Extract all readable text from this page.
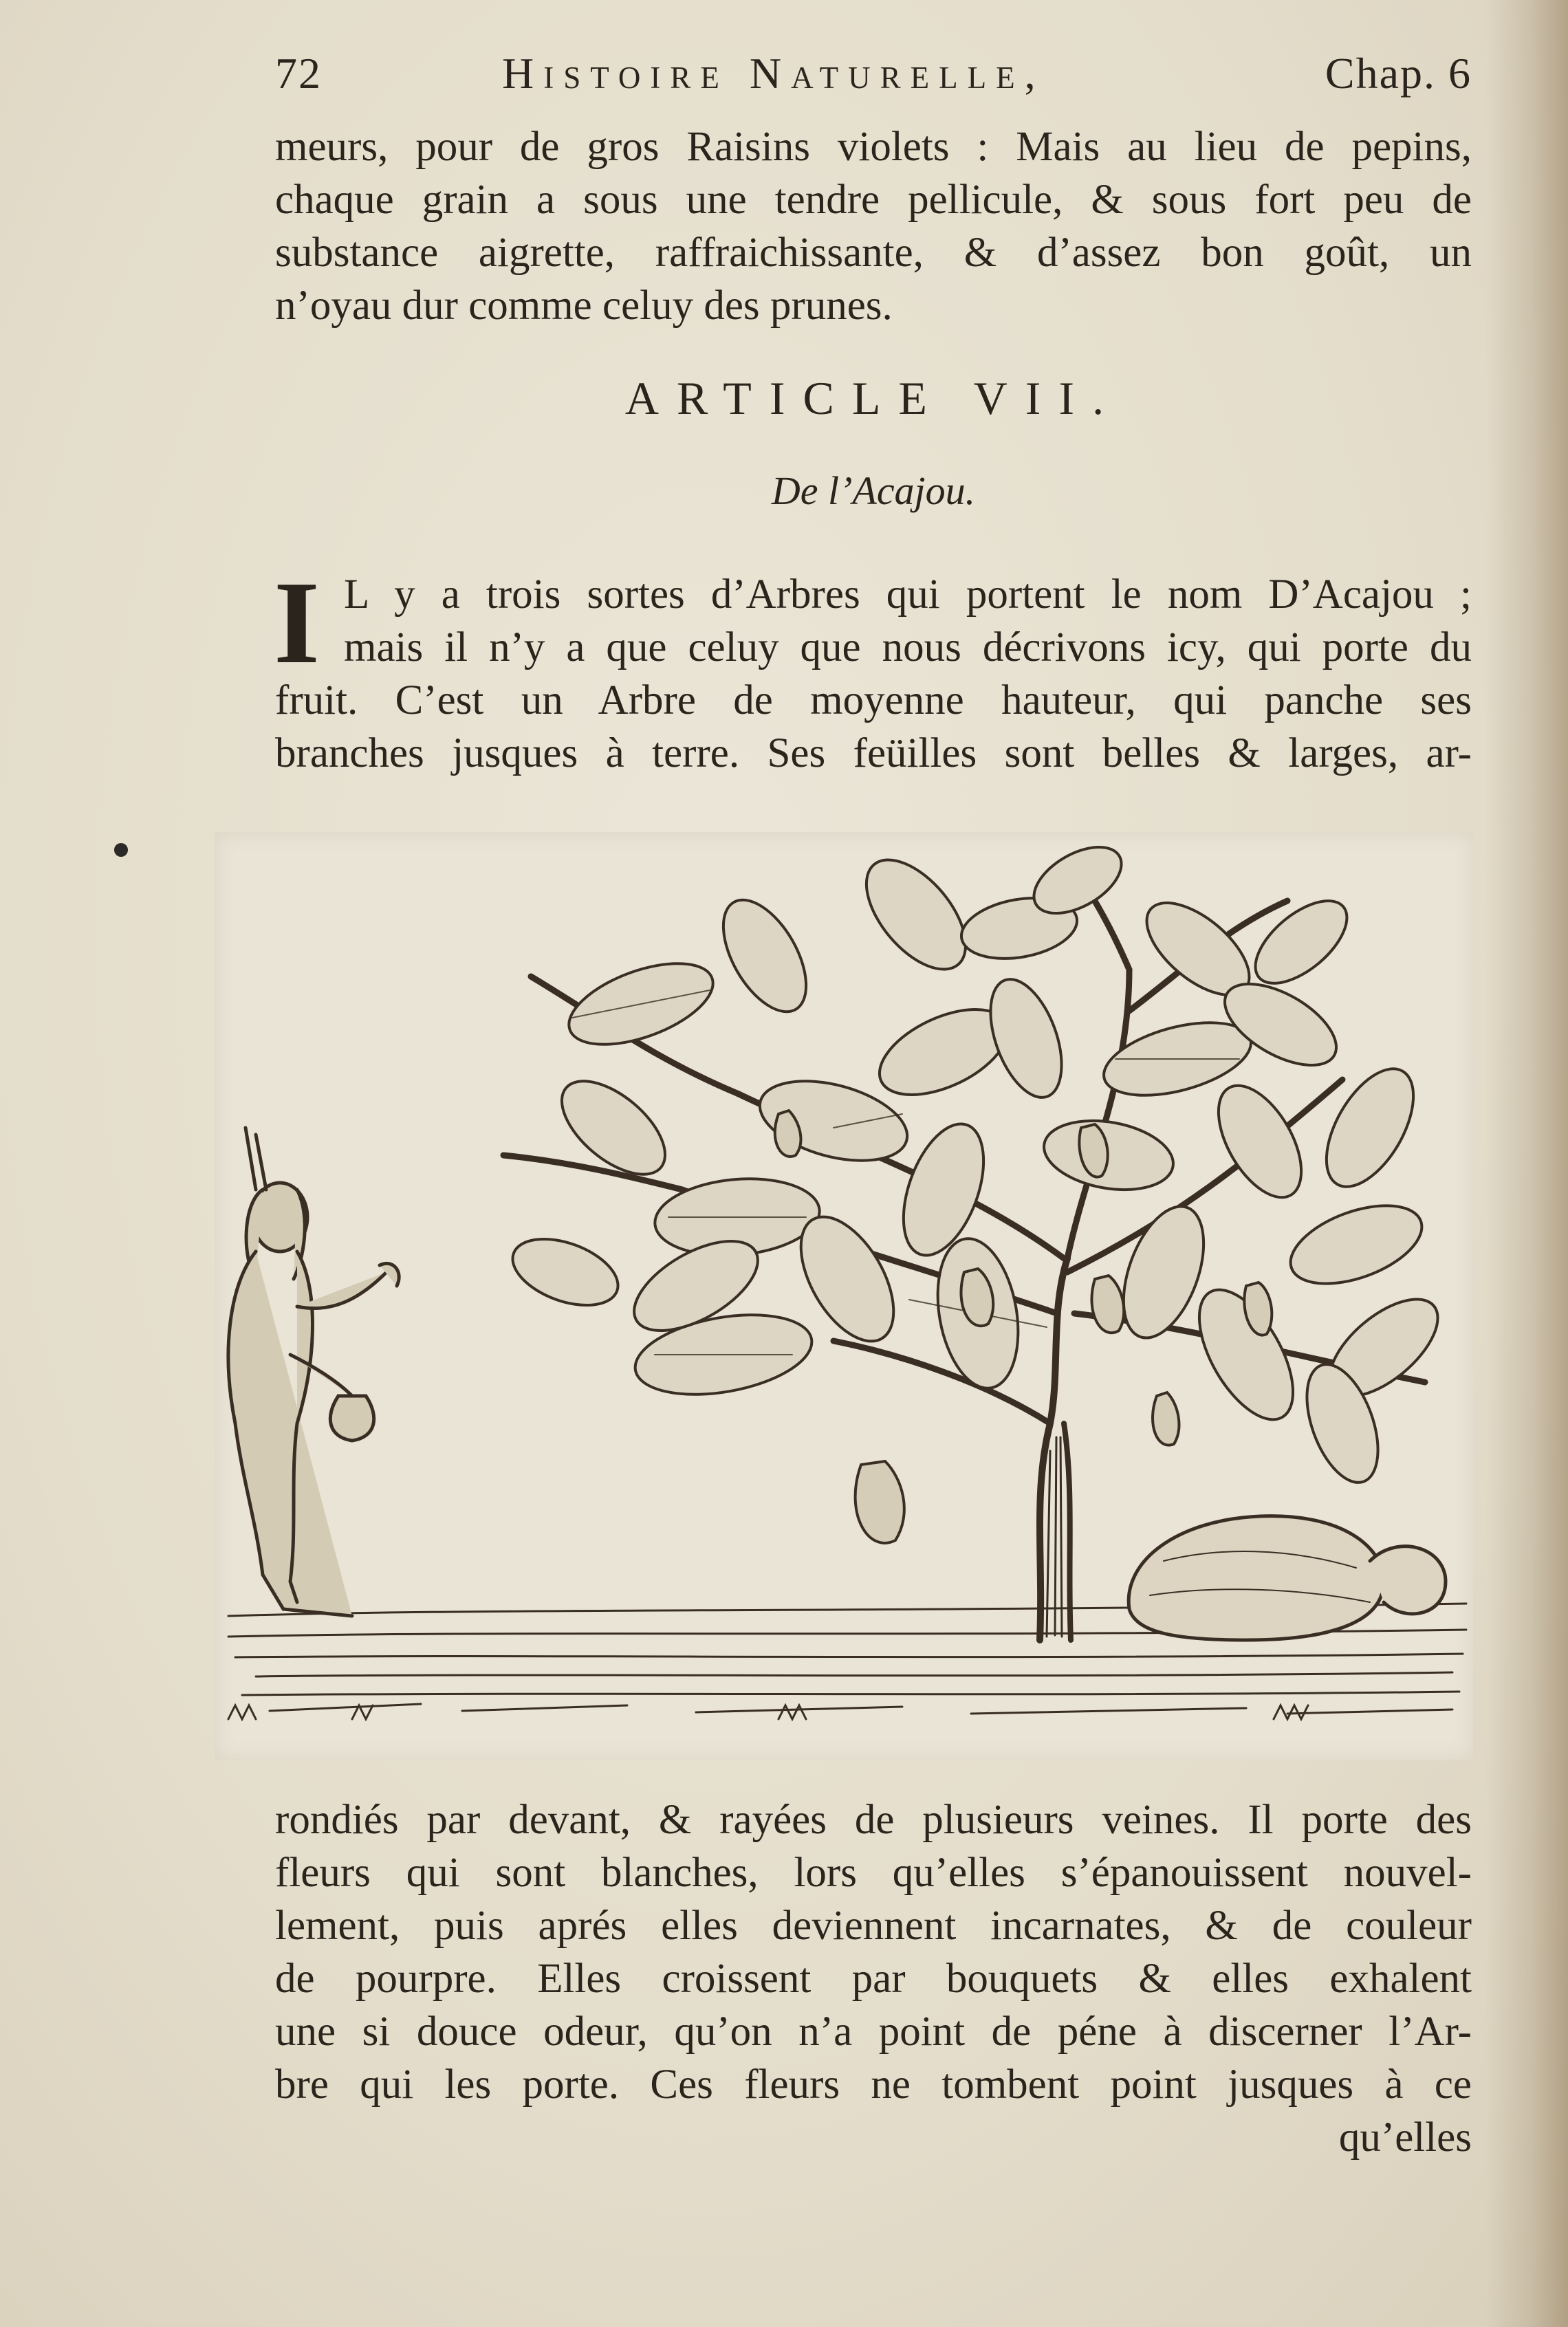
72	Histoire Naturelle,	Chap. 6
meurs, pour de gros Raisins violets : Mais au lieu de pepins,
chaque grain a sous une tendre pellicule, & sous fort peu de
substance aigrette, raffraichissante, & d’assez bon goût, un
n’oyau dur comme celuy des prunes.
ARTICLE VII.
De l’Acajou.
I L y a trois sortes d’Arbres qui portent le nom D’Acajou ;
mais il n’y a que celuy que nous décrivons icy, qui porte du
fruit. C’est un Arbre de moyenne hauteur, qui panche ses
branches jusques à terre. Ses feüilles sont belles & larges, ar-
rondiés par devant, & rayées de plusieurs veines. Il porte des
fleurs qui sont blanches, lors qu’elles s’épanouissent nouvel-
lement, puis aprés elles deviennent incarnates, & de couleur
de pourpre. Elles croissent par bouquets & elles exhalent
une si douce odeur, qu’on n’a point de péne à discerner l’Ar-
bre qui les porte. Ces fleurs ne tombent point jusques à ce
qu’elles
